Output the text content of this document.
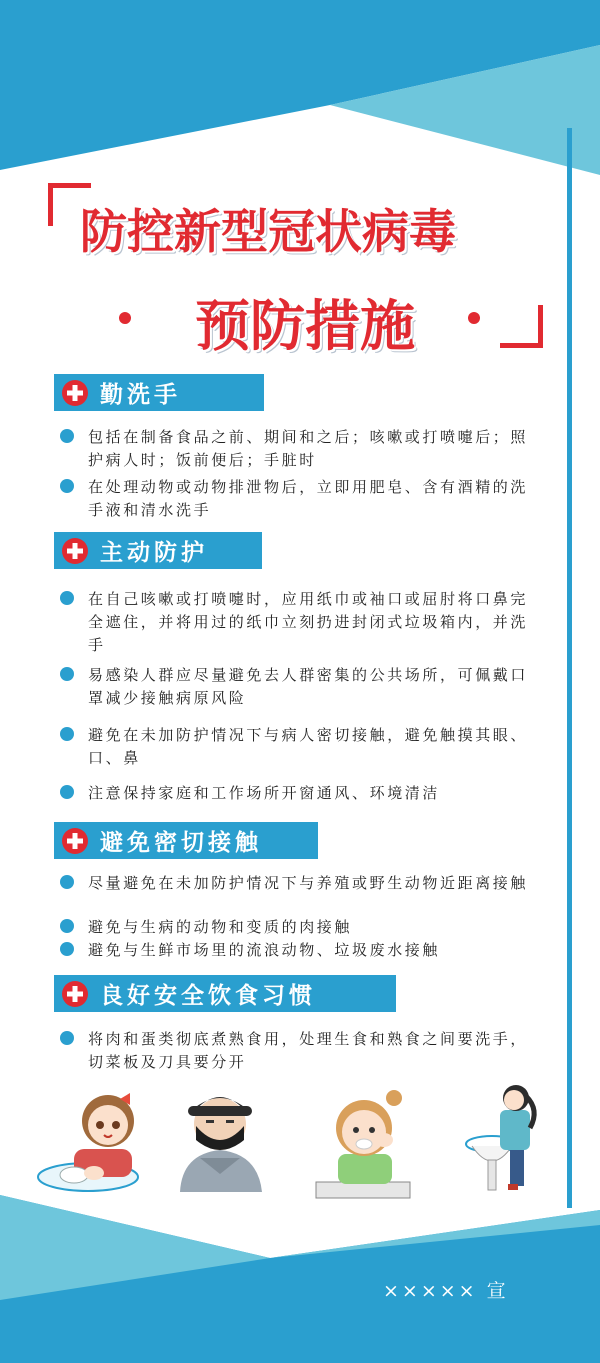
防控新型冠状病毒
预防措施
勤洗手
包括在制备食品之前、期间和之后；咳嗽或打喷嚏后；照护病人时；饭前便后；手脏时
在处理动物或动物排泄物后，立即用肥皂、含有酒精的洗手液和清水洗手
主动防护
在自己咳嗽或打喷嚏时，应用纸巾或袖口或屈肘将口鼻完全遮住，并将用过的纸巾立刻扔进封闭式垃圾箱内，并洗手
易感染人群应尽量避免去人群密集的公共场所，可佩戴口罩减少接触病原风险
避免在未加防护情况下与病人密切接触，避免触摸其眼、口、鼻
注意保持家庭和工作场所开窗通风、环境清洁
避免密切接触
尽量避免在未加防护情况下与养殖或野生动物近距离接触
避免与生病的动物和变质的肉接触
避免与生鲜市场里的流浪动物、垃圾废水接触
良好安全饮食习惯
将肉和蛋类彻底煮熟食用，处理生食和熟食之间要洗手，切菜板及刀具要分开
××××× 宣
